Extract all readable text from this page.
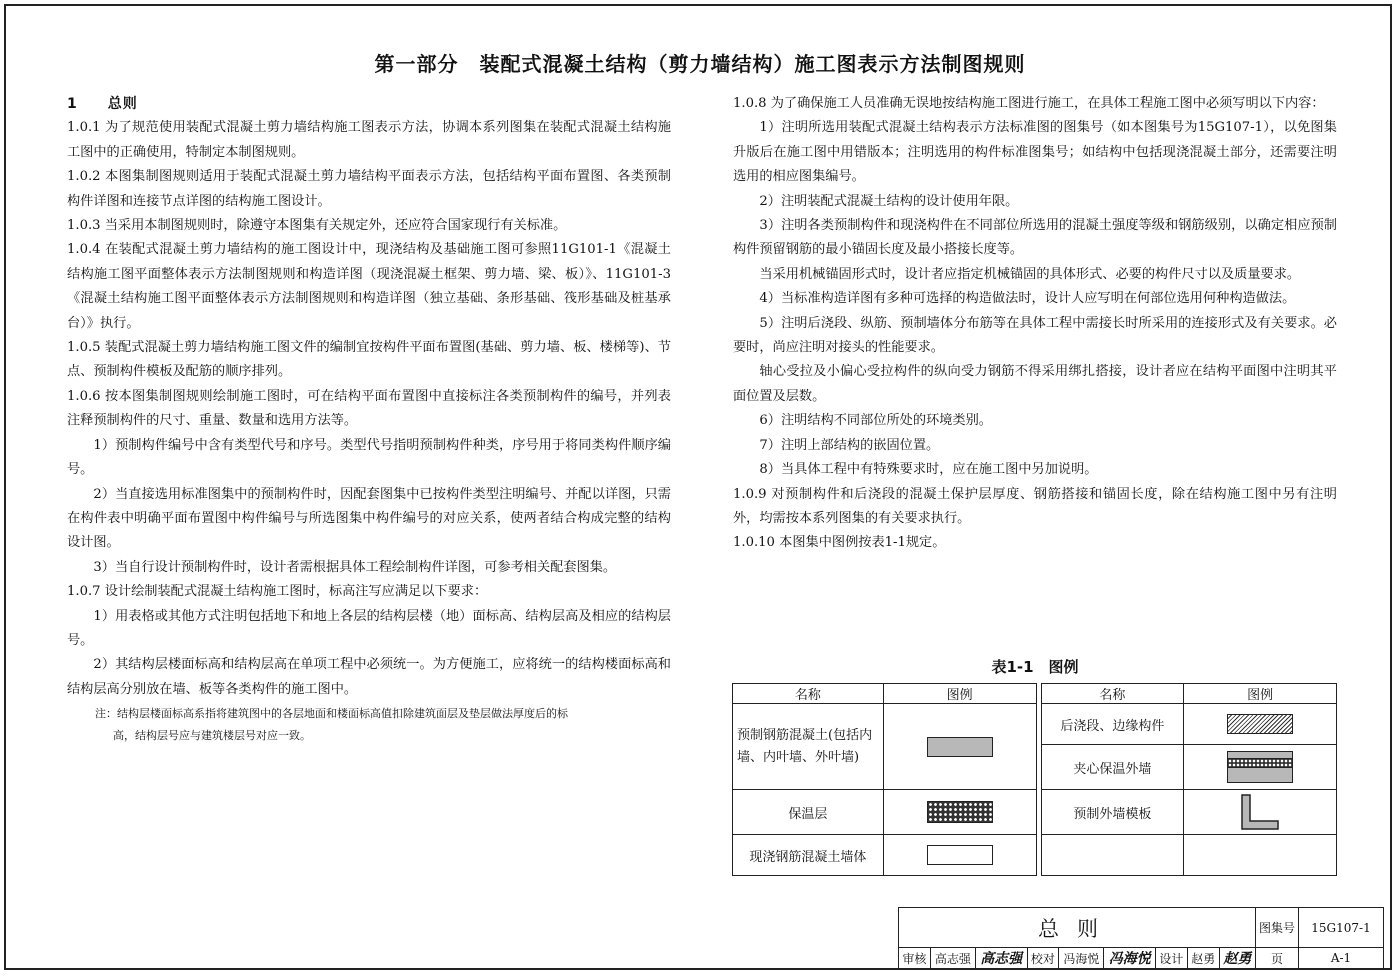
第一部分　装配式混凝土结构（剪力墙结构）施工图表示方法制图规则

1　　总则

1.0.1 为了规范使用装配式混凝土剪力墙结构施工图表示方法，协调本系列图集在装配式混凝土结构施工图中的正确使用，特制定本制图规则。

1.0.2 本图集制图规则适用于装配式混凝土剪力墙结构平面表示方法，包括结构平面布置图、各类预制构件详图和连接节点详图的结构施工图设计。

1.0.3 当采用本制图规则时，除遵守本图集有关规定外，还应符合国家现行有关标准。

1.0.4 在装配式混凝土剪力墙结构的施工图设计中，现浇结构及基础施工图可参照11G101-1《混凝土结构施工图平面整体表示方法制图规则和构造详图（现浇混凝土框架、剪力墙、梁、板）》、11G101-3《混凝土结构施工图平面整体表示方法制图规则和构造详图（独立基础、条形基础、筏形基础及桩基承台）》执行。

1.0.5 装配式混凝土剪力墙结构施工图文件的编制宜按构件平面布置图(基础、剪力墙、板、楼梯等)、节点、预制构件模板及配筋的顺序排列。

1.0.6 按本图集制图规则绘制施工图时，可在结构平面布置图中直接标注各类预制构件的编号，并列表注释预制构件的尺寸、重量、数量和选用方法等。

1）预制构件编号中含有类型代号和序号。类型代号指明预制构件种类，序号用于将同类构件顺序编号。

2）当直接选用标准图集中的预制构件时，因配套图集中已按构件类型注明编号、并配以详图，只需在构件表中明确平面布置图中构件编号与所选图集中构件编号的对应关系，使两者结合构成完整的结构设计图。

3）当自行设计预制构件时，设计者需根据具体工程绘制构件详图，可参考相关配套图集。

1.0.7 设计绘制装配式混凝土结构施工图时，标高注写应满足以下要求：

1）用表格或其他方式注明包括地下和地上各层的结构层楼（地）面标高、结构层高及相应的结构层号。

2）其结构层楼面标高和结构层高在单项工程中必须统一。为方便施工，应将统一的结构楼面标高和结构层高分别放在墙、板等各类构件的施工图中。

注：结构层楼面标高系指将建筑图中的各层地面和楼面标高值扣除建筑面层及垫层做法厚度后的标
高，结构层号应与建筑楼层号对应一致。

1.0.8 为了确保施工人员准确无误地按结构施工图进行施工，在具体工程施工图中必须写明以下内容：

1）注明所选用装配式混凝土结构表示方法标准图的图集号（如本图集号为15G107-1），以免图集升版后在施工图中用错版本；注明选用的构件标准图集号；如结构中包括现浇混凝土部分，还需要注明选用的相应图集编号。

2）注明装配式混凝土结构的设计使用年限。

3）注明各类预制构件和现浇构件在不同部位所选用的混凝土强度等级和钢筋级别，以确定相应预制构件预留钢筋的最小锚固长度及最小搭接长度等。

当采用机械锚固形式时，设计者应指定机械锚固的具体形式、必要的构件尺寸以及质量要求。

4）当标准构造详图有多种可选择的构造做法时，设计人应写明在何部位选用何种构造做法。

5）注明后浇段、纵筋、预制墙体分布筋等在具体工程中需接长时所采用的连接形式及有关要求。必要时，尚应注明对接头的性能要求。

轴心受拉及小偏心受拉构件的纵向受力钢筋不得采用绑扎搭接，设计者应在结构平面图中注明其平面位置及层数。

6）注明结构不同部位所处的环境类别。

7）注明上部结构的嵌固位置。

8）当具体工程中有特殊要求时，应在施工图中另加说明。

1.0.9 对预制构件和后浇段的混凝土保护层厚度、钢筋搭接和锚固长度，除在结构施工图中另有注明外，均需按本系列图集的有关要求执行。

1.0.10 本图集中图例按表1-1规定。

表1-1　图例
名称	图例		名称	图例
预制钢筋混凝土(包括内墙、内叶墙、外叶墙)			后浇段、边缘构件	
			夹心保温外墙	

保温层			预制外墙模板	

现浇钢筋混凝土墙体				
总则									图集号	15G107-1
审核	高志强	高志强	校对	冯海悦	冯海悦	设计	赵勇	赵勇	页	A-1
